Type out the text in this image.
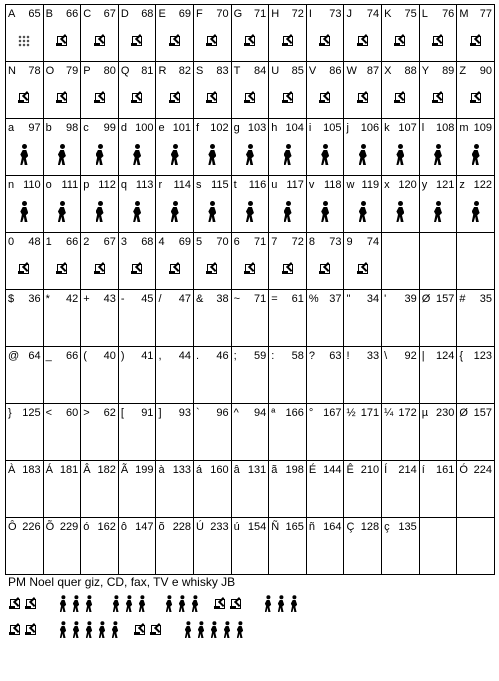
A 65	B 66	C 67	D 68	E 69	F 70	G 71	H 72	I 73	J 74	K 75	L 76	M 77

N 78	O 79	P 80	Q 81	R 82	S 83	T 84	U 85	V 86	W 87	X 88	Y 89	Z 90

a 97	b 98	c 99	d 100	e 101	f 102	g 103	h 104	i 105	j 106	k 107	l 108	m 109

n 110	o 111	p 112	q 113	r 114	s 115	t 116	u 117	v 118	w 119	x 120	y 121	z 122

0 48	1 66	2 67	3 68	4 69	5 70	6 71	7 72	8 73	9 74			

$ 36	* 42	+ 43	- 45	/ 47	& 38	~ 71	= 61	% 37	" 34	' 39	Ø 157	# 35

@ 64	_ 66	( 40	) 41	, 44	. 46	; 59	: 58	? 63	! 33	\ 92	| 124	{ 123

} 125	< 60	> 62	[ 91	] 93	` 96	^ 94	ª 166	° 167	½ 171	¼ 172	µ 230	Ø 157

À 183	Á 181	Â 182	Ã 199	à 133	á 160	â 131	ã 198	É 144	Ê 210	Í 214	í 161	Ó 224

Ô 226	Õ 229	ó 162	ô 147	õ 228	Ú 233	ú 154	Ñ 165	ñ 164	Ç 128	ç 135		

PM Noel quer giz, CD, fax, TV e whisky JB
